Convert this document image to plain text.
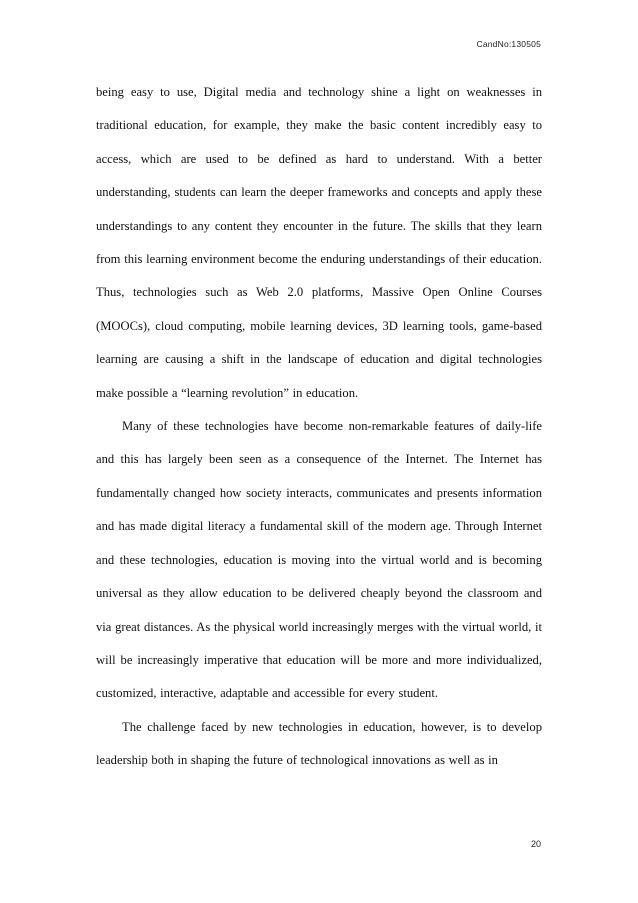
CandNo:130505

being easy to use, Digital media and technology shine a light on weaknesses in traditional education, for example, they make the basic content incredibly easy to access, which are used to be defined as hard to understand. With a better understanding, students can learn the deeper frameworks and concepts and apply these understandings to any content they encounter in the future. The skills that they learn from this learning environment become the enduring understandings of their education. Thus, technologies such as Web 2.0 platforms, Massive Open Online Courses (MOOCs), cloud computing, mobile learning devices, 3D learning tools, game-based learning are causing a shift in the landscape of education and digital technologies make possible a “learning revolution” in education.

Many of these technologies have become non-remarkable features of daily-life and this has largely been seen as a consequence of the Internet. The Internet has fundamentally changed how society interacts, communicates and presents information and has made digital literacy a fundamental skill of the modern age. Through Internet and these technologies, education is moving into the virtual world and is becoming universal as they allow education to be delivered cheaply beyond the classroom and via great distances. As the physical world increasingly merges with the virtual world, it will be increasingly imperative that education will be more and more individualized, customized, interactive, adaptable and accessible for every student.

The challenge faced by new technologies in education, however, is to develop leadership both in shaping the future of technological innovations as well as in

20
